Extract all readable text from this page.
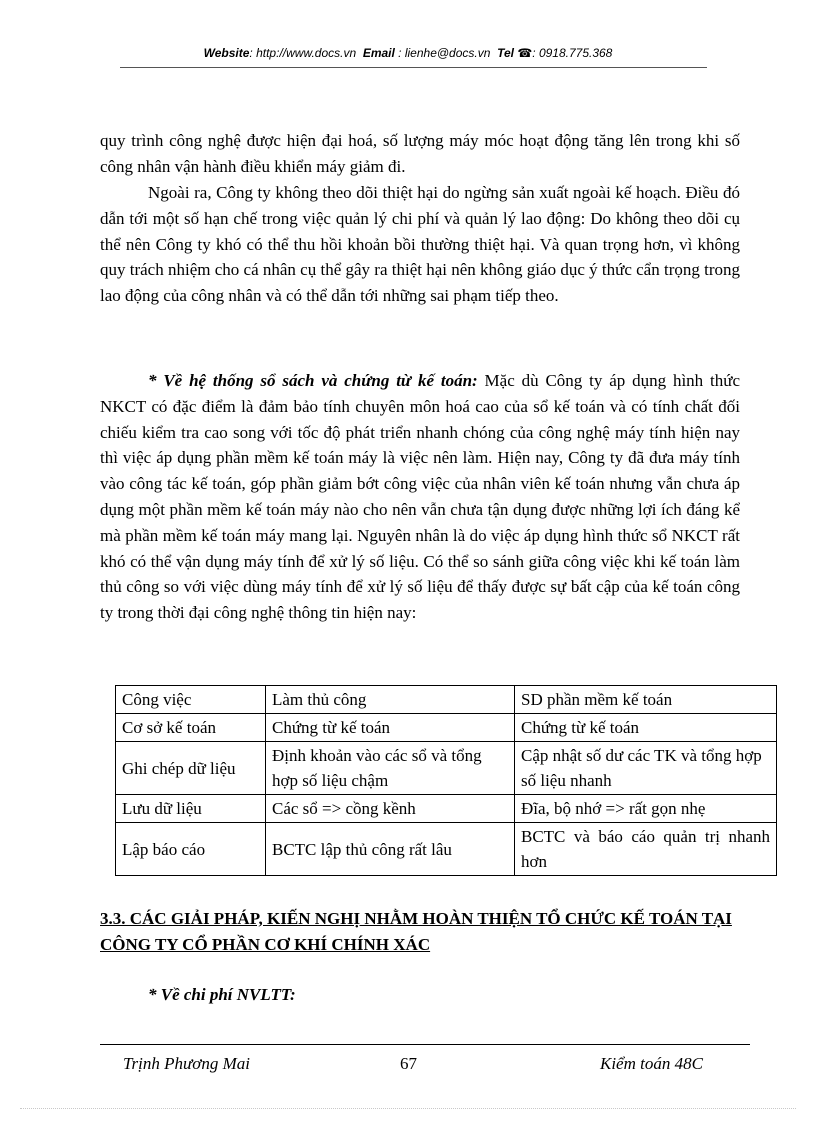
Website: http://www.docs.vn Email : lienhe@docs.vn Tel ☎: 0918.775.368

quy trình công nghệ được hiện đại hoá, số lượng máy móc hoạt động tăng lên trong khi số công nhân vận hành điều khiển máy giảm đi.

Ngoài ra, Công ty không theo dõi thiệt hại do ngừng sản xuất ngoài kế hoạch. Điều đó dẫn tới một số hạn chế trong việc quản lý chi phí và quản lý lao động: Do không theo dõi cụ thể nên Công ty khó có thể thu hồi khoản bồi thường thiệt hại. Và quan trọng hơn, vì không quy trách nhiệm cho cá nhân cụ thể gây ra thiệt hại nên không giáo dục ý thức cẩn trọng trong lao động của công nhân và có thể dẫn tới những sai phạm tiếp theo.

* Về hệ thống sổ sách và chứng từ kế toán: Mặc dù Công ty áp dụng hình thức NKCT có đặc điểm là đảm bảo tính chuyên môn hoá cao của sổ kế toán và có tính chất đối chiếu kiểm tra cao song với tốc độ phát triển nhanh chóng của công nghệ máy tính hiện nay thì việc áp dụng phần mềm kế toán máy là việc nên làm. Hiện nay, Công ty đã đưa máy tính vào công tác kế toán, góp phần giảm bớt công việc của nhân viên kế toán nhưng vẫn chưa áp dụng một phần mềm kế toán máy nào cho nên vẫn chưa tận dụng được những lợi ích đáng kể mà phần mềm kế toán máy mang lại. Nguyên nhân là do việc áp dụng hình thức sổ NKCT rất khó có thể vận dụng máy tính để xử lý số liệu. Có thể so sánh giữa công việc khi kế toán làm thủ công so với việc dùng máy tính để xử lý số liệu để thấy được sự bất cập của kế toán công ty trong thời đại công nghệ thông tin hiện nay:

Công việc	Làm thủ công	SD phần mềm kế toán
Cơ sở kế toán	Chứng từ kế toán	Chứng từ kế toán
Ghi chép dữ liệu	Định khoản vào các sổ và tổng hợp số liệu chậm	Cập nhật số dư các TK và tổng hợp số liệu nhanh
Lưu dữ liệu	Các sổ => cồng kềnh	Đĩa, bộ nhớ => rất gọn nhẹ
Lập báo cáo	BCTC lập thủ công rất lâu	BCTC và báo cáo quản trị nhanh hơn
3.3. CÁC GIẢI PHÁP, KIẾN NGHỊ NHẰM HOÀN THIỆN TỔ CHỨC KẾ TOÁN TẠI CÔNG TY CỔ PHẦN CƠ KHÍ CHÍNH XÁC
* Về chi phí NVLTT:
Trịnh Phương Mai	67	Kiểm toán 48C
